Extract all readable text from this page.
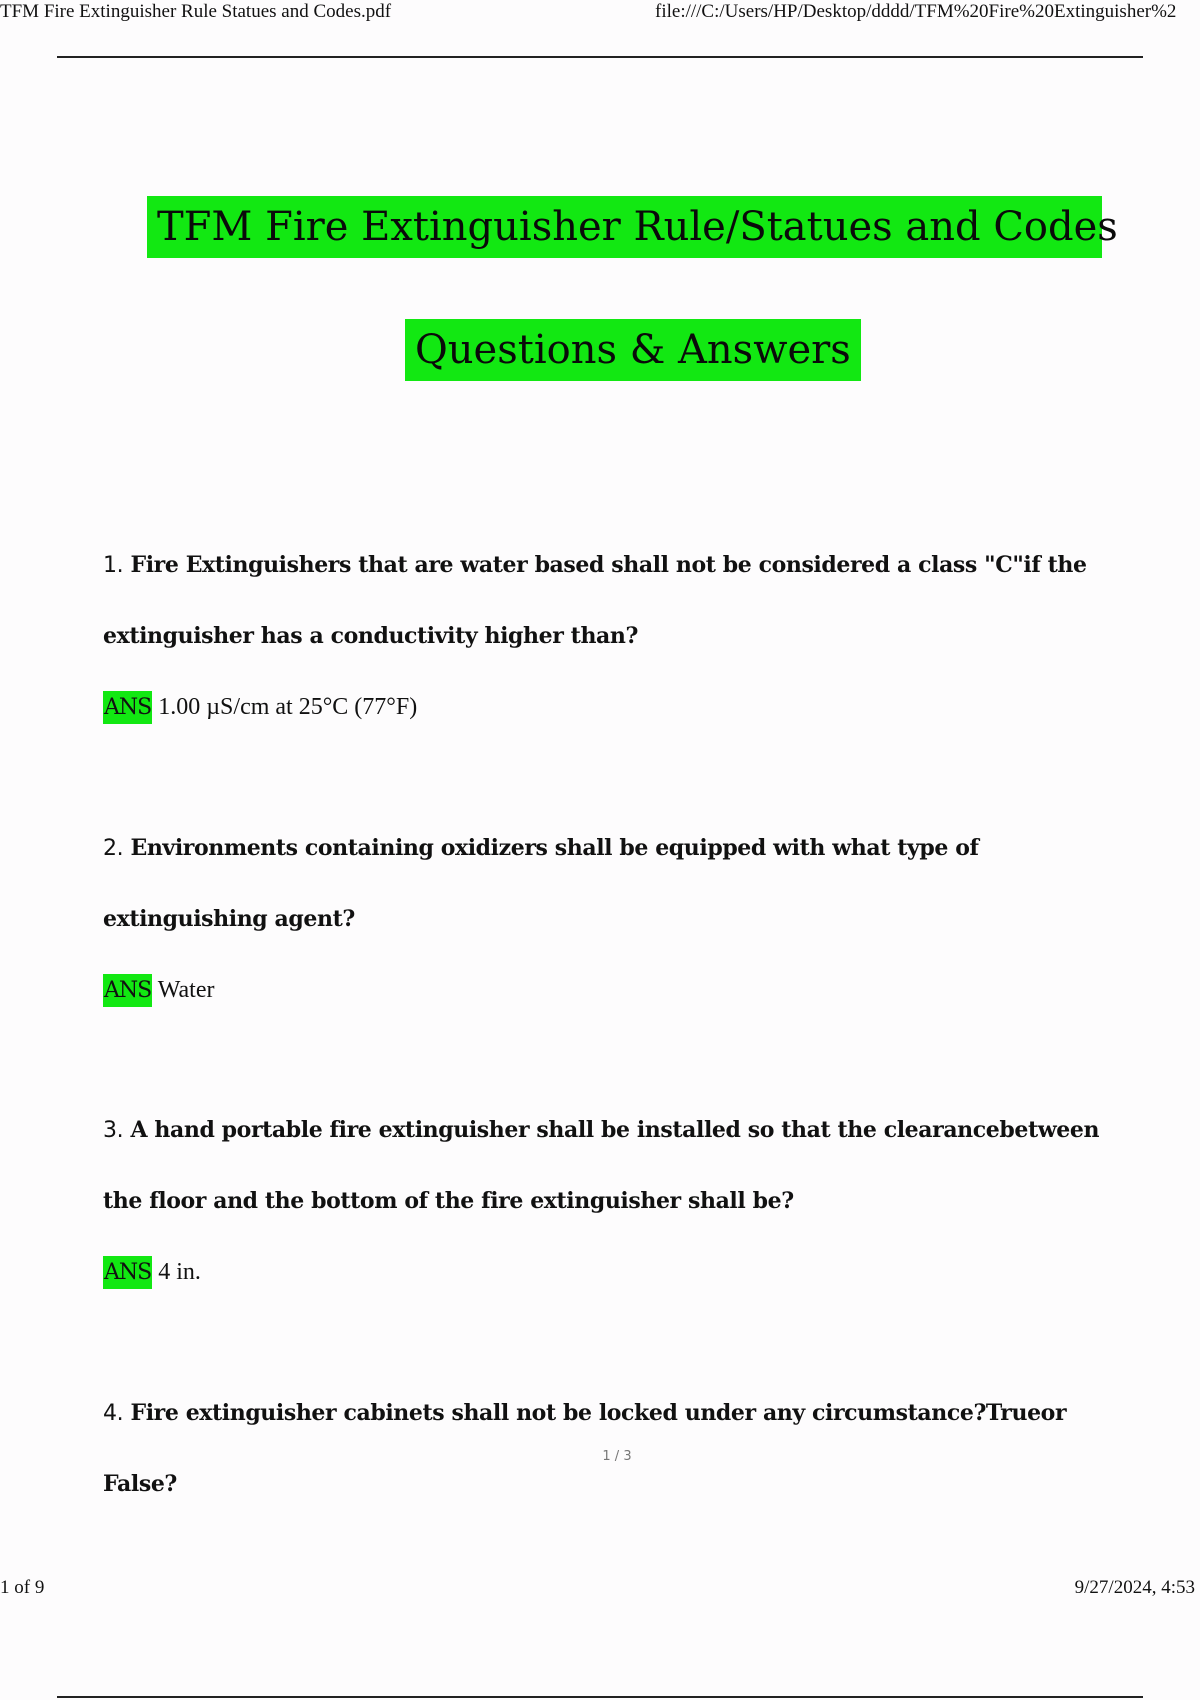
TFM Fire Extinguisher Rule Statues and Codes.pdf	file:///C:/Users/HP/Desktop/dddd/TFM%20Fire%20Extinguisher%2
TFM Fire Extinguisher Rule/Statues and Codes
Questions & Answers

1. Fire Extinguishers that are water based shall not be considered a class "C"if the extinguisher has a conductivity higher than?

ANS 1.00 µS/cm at 25°C (77°F)

2. Environments containing oxidizers shall be equipped with what type of extinguishing agent?

ANS Water

3. A hand portable fire extinguisher shall be installed so that the clearancebetween the floor and the bottom of the fire extinguisher shall be?

ANS 4 in.

4. Fire extinguisher cabinets shall not be locked under any circumstance?Trueor False?

1 / 3
1 of 9	9/27/2024, 4:53
